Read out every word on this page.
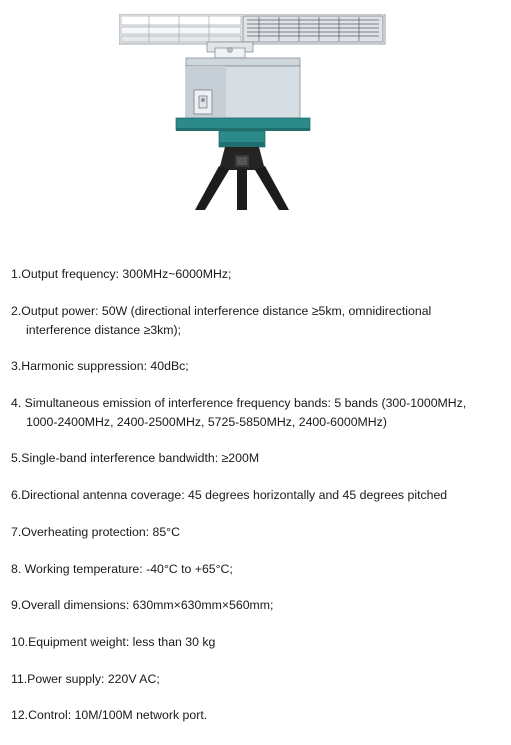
1.Output frequency: 300MHz~6000MHz;
2.Output power: 50W (directional interference distance ≥5km, omnidirectional
interference distance ≥3km);
3.Harmonic suppression: 40dBc;
4. Simultaneous emission of interference frequency bands: 5 bands (300-1000MHz,
1000-2400MHz, 2400-2500MHz, 5725-5850MHz, 2400-6000MHz)
5.Single-band interference bandwidth: ≥200M
6.Directional antenna coverage: 45 degrees horizontally and 45 degrees pitched
7.Overheating protection: 85°C
8. Working temperature: -40°C to +65°C;
9.Overall dimensions: 630mm×630mm×560mm;
10.Equipment weight: less than 30 kg
11.Power supply: 220V AC;
12.Control: 10M/100M network port.
